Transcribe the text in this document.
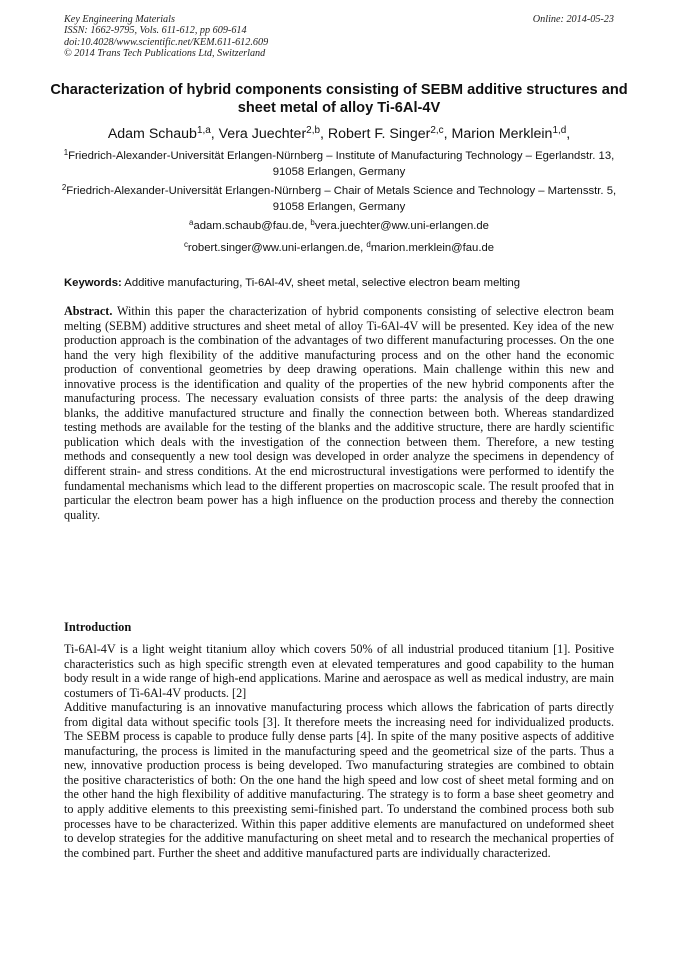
Key Engineering Materials
ISSN: 1662-9795, Vols. 611-612, pp 609-614
doi:10.4028/www.scientific.net/KEM.611-612.609
© 2014 Trans Tech Publications Ltd, Switzerland
Online: 2014-05-23
Characterization of hybrid components consisting of SEBM additive structures and sheet metal of alloy Ti-6Al-4V
Adam Schaub$^{1,a}$, Vera Juechter$^{2,b}$, Robert F. Singer$^{2,c}$, Marion Merklein$^{1,d}$,
$^1$Friedrich-Alexander-Universität Erlangen-Nürnberg – Institute of Manufacturing Technology – Egerlandstr. 13, 91058 Erlangen, Germany
$^2$Friedrich-Alexander-Universität Erlangen-Nürnberg – Chair of Metals Science and Technology – Martensstr. 5, 91058 Erlangen, Germany
$^a$adam.schaub@fau.de, $^b$vera.juechter@ww.uni-erlangen.de
$^c$robert.singer@ww.uni-erlangen.de, $^d$marion.merklein@fau.de
Keywords: Additive manufacturing, Ti-6Al-4V, sheet metal, selective electron beam melting
Abstract. Within this paper the characterization of hybrid components consisting of selective electron beam melting (SEBM) additive structures and sheet metal of alloy Ti-6Al-4V will be presented. Key idea of the new production approach is the combination of the advantages of two different manufacturing processes. On the one hand the very high flexibility of the additive manufacturing process and on the other hand the economic production of conventional geometries by deep drawing operations. Main challenge within this new and innovative process is the identification and quality of the properties of the new hybrid components after the manufacturing process. The necessary evaluation consists of three parts: the analysis of the deep drawing blanks, the additive manufactured structure and finally the connection between both. Whereas standardized testing methods are available for the testing of the blanks and the additive structure, there are hardly scientific publication which deals with the investigation of the connection between them. Therefore, a new testing methods and consequently a new tool design was developed in order analyze the specimens in dependency of different strain- and stress conditions. At the end microstructural investigations were performed to identify the fundamental mechanisms which lead to the different properties on macroscopic scale. The result proofed that in particular the electron beam power has a high influence on the production process and thereby the connection quality.
Introduction

Ti-6Al-4V is a light weight titanium alloy which covers 50% of all industrial produced titanium [1]. Positive characteristics such as high specific strength even at elevated temperatures and good capability to the human body result in a wide range of high-end applications. Marine and aerospace as well as medical industry, are main costumers of Ti-6Al-4V products. [2]

Additive manufacturing is an innovative manufacturing process which allows the fabrication of parts directly from digital data without specific tools [3]. It therefore meets the increasing need for individualized products. The SEBM process is capable to produce fully dense parts [4]. In spite of the many positive aspects of additive manufacturing, the process is limited in the manufacturing speed and the geometrical size of the parts. Thus a new, innovative production process is being developed. Two manufacturing strategies are combined to obtain the positive characteristics of both: On the one hand the high speed and low cost of sheet metal forming and on the other hand the high flexibility of additive manufacturing. The strategy is to form a base sheet geometry and to apply additive elements to this preexisting semi-finished part. To understand the combined process both sub processes have to be characterized. Within this paper additive elements are manufactured on undeformed sheet to develop strategies for the additive manufacturing on sheet metal and to research the mechanical properties of the combined part. Further the sheet and additive manufactured parts are individually characterized.
